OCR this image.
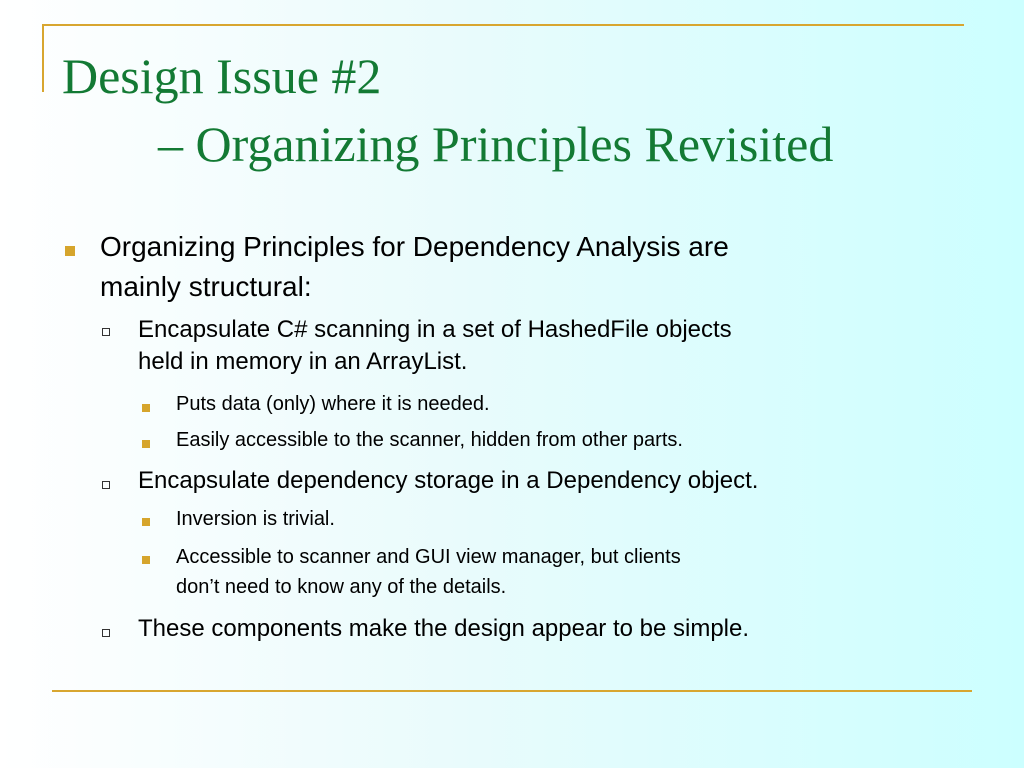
Design Issue #2
– Organizing Principles Revisited
Organizing Principles for Dependency Analysis are
mainly structural:
Encapsulate C# scanning in a set of HashedFile objects
held in memory in an ArrayList.
Puts data (only) where it is needed.
Easily accessible to the scanner, hidden from other parts.
Encapsulate dependency storage in a Dependency object.
Inversion is trivial.
Accessible to scanner and GUI view manager, but clients
don’t need to know any of the details.
These components make the design appear to be simple.
